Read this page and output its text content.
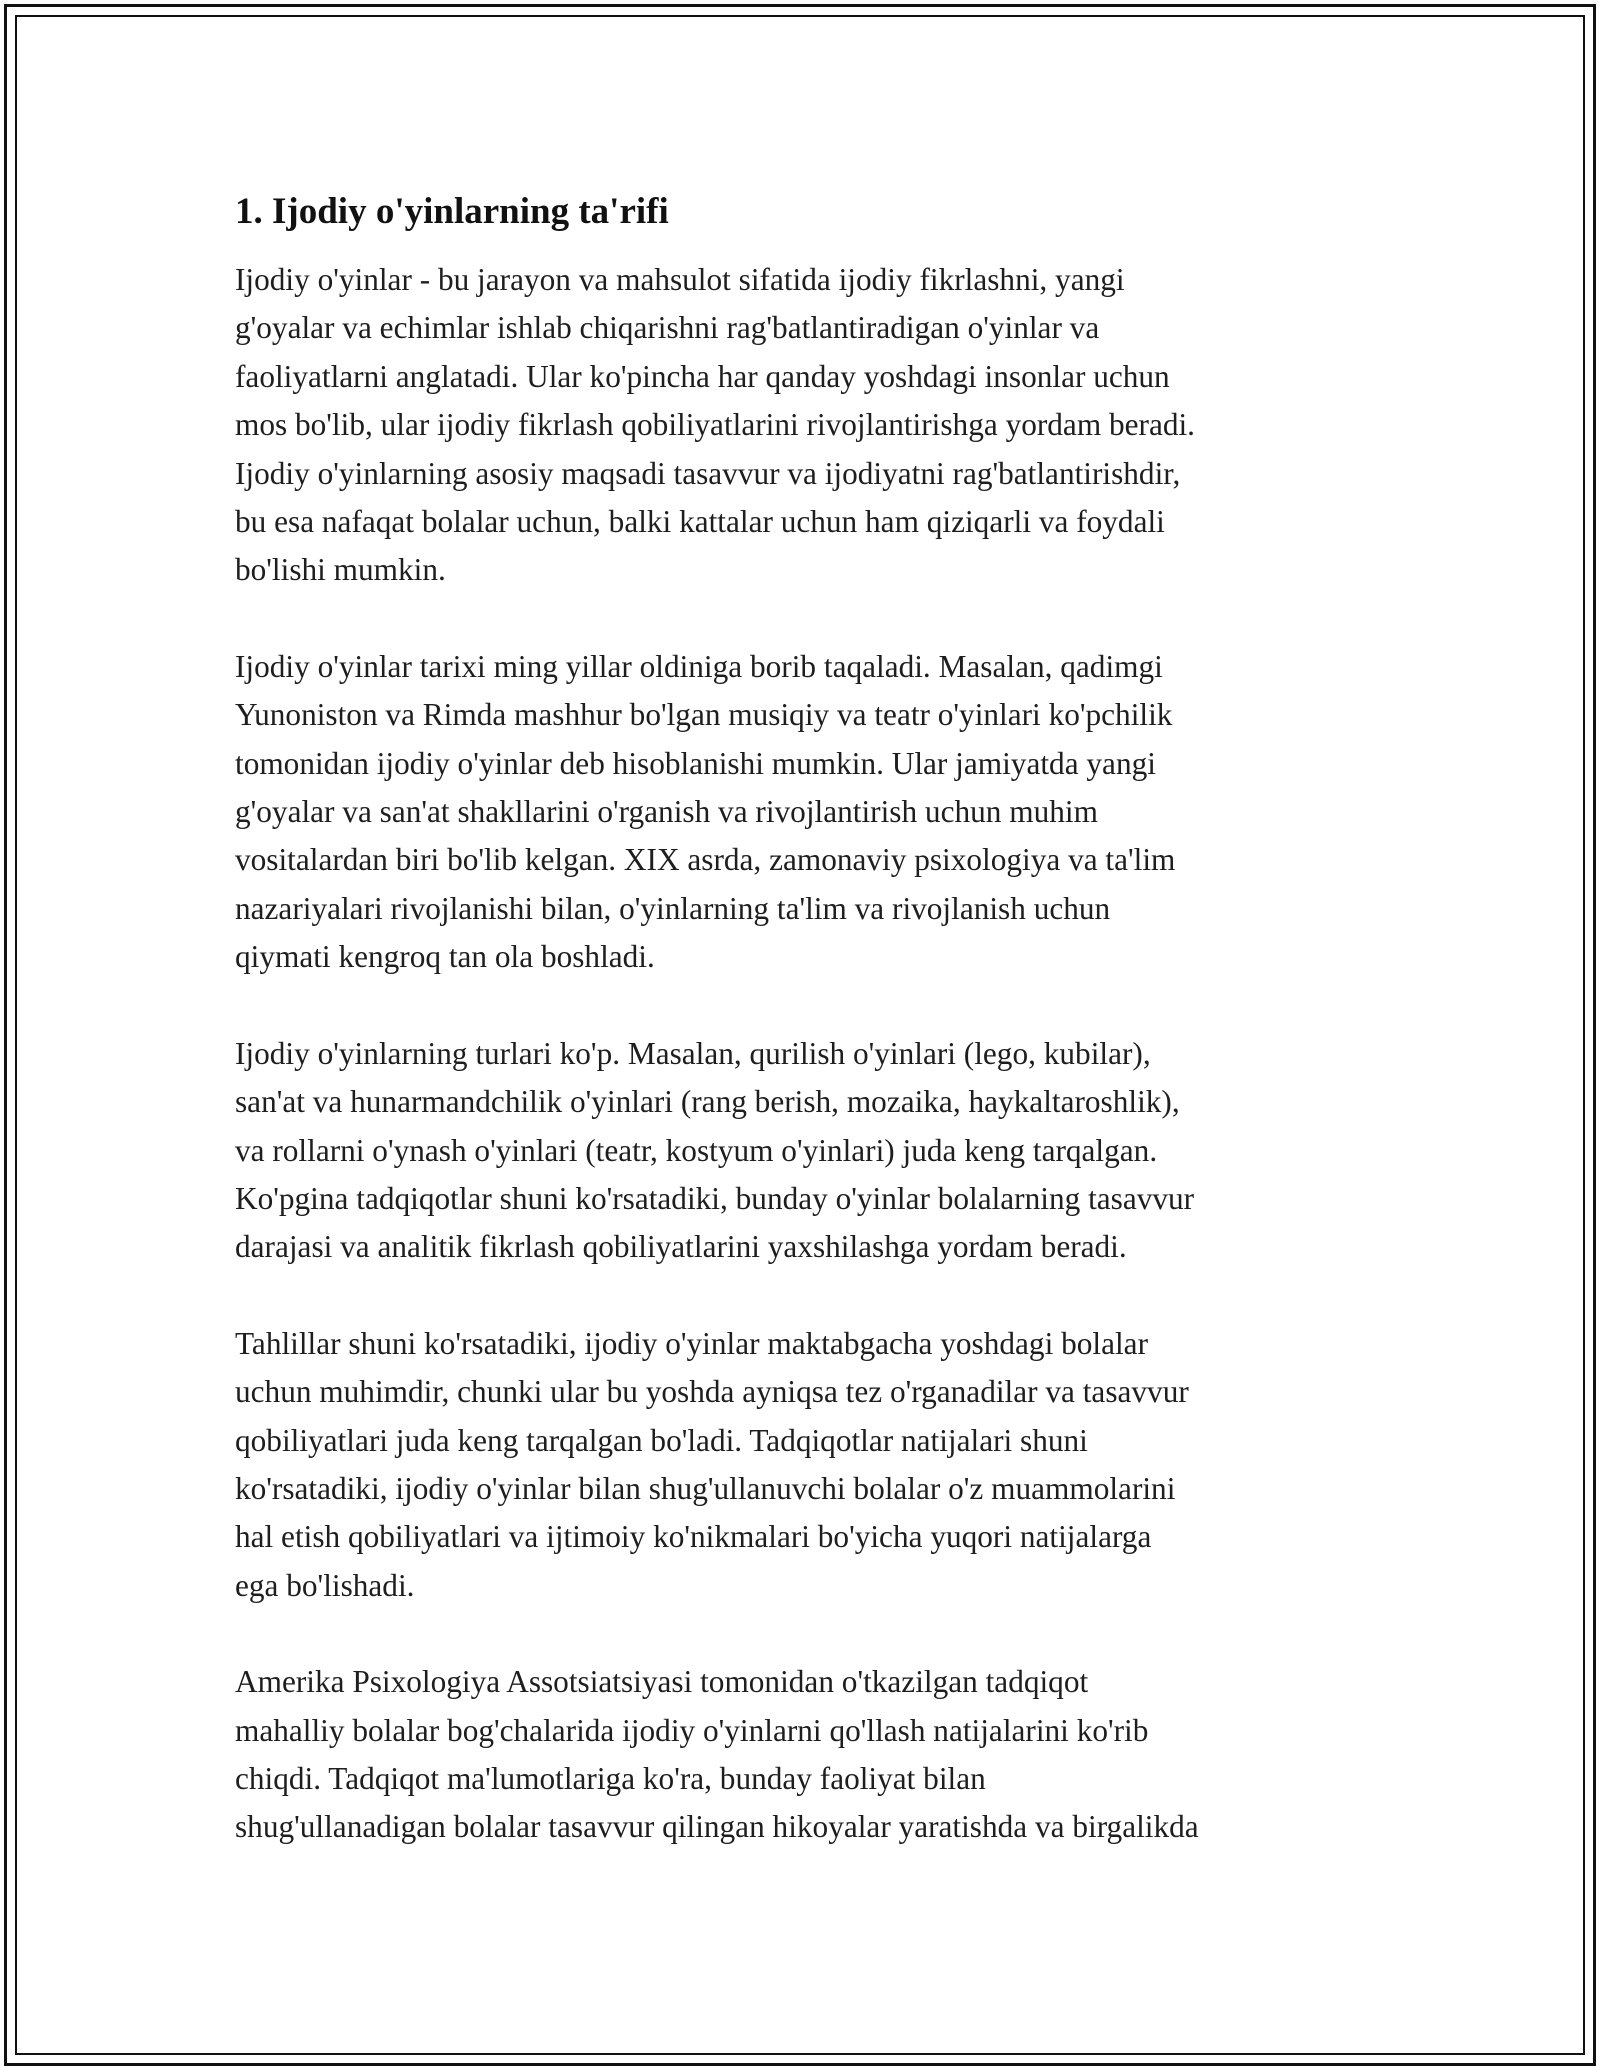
1. Ijodiy o'yinlarning ta'rifi

Ijodiy o'yinlar - bu jarayon va mahsulot sifatida ijodiy fikrlashni, yangi
g'oyalar va echimlar ishlab chiqarishni rag'batlantiradigan o'yinlar va
faoliyatlarni anglatadi. Ular ko'pincha har qanday yoshdagi insonlar uchun
mos bo'lib, ular ijodiy fikrlash qobiliyatlarini rivojlantirishga yordam beradi.
Ijodiy o'yinlarning asosiy maqsadi tasavvur va ijodiyatni rag'batlantirishdir,
bu esa nafaqat bolalar uchun, balki kattalar uchun ham qiziqarli va foydali
bo'lishi mumkin.

Ijodiy o'yinlar tarixi ming yillar oldiniga borib taqaladi. Masalan, qadimgi
Yunoniston va Rimda mashhur bo'lgan musiqiy va teatr o'yinlari ko'pchilik
tomonidan ijodiy o'yinlar deb hisoblanishi mumkin. Ular jamiyatda yangi
g'oyalar va san'at shakllarini o'rganish va rivojlantirish uchun muhim
vositalardan biri bo'lib kelgan. XIX asrda, zamonaviy psixologiya va ta'lim
nazariyalari rivojlanishi bilan, o'yinlarning ta'lim va rivojlanish uchun
qiymati kengroq tan ola boshladi.

Ijodiy o'yinlarning turlari ko'p. Masalan, qurilish o'yinlari (lego, kubilar),
san'at va hunarmandchilik o'yinlari (rang berish, mozaika, haykaltaroshlik),
va rollarni o'ynash o'yinlari (teatr, kostyum o'yinlari) juda keng tarqalgan.
Ko'pgina tadqiqotlar shuni ko'rsatadiki, bunday o'yinlar bolalarning tasavvur
darajasi va analitik fikrlash qobiliyatlarini yaxshilashga yordam beradi.

Tahlillar shuni ko'rsatadiki, ijodiy o'yinlar maktabgacha yoshdagi bolalar
uchun muhimdir, chunki ular bu yoshda ayniqsa tez o'rganadilar va tasavvur
qobiliyatlari juda keng tarqalgan bo'ladi. Tadqiqotlar natijalari shuni
ko'rsatadiki, ijodiy o'yinlar bilan shug'ullanuvchi bolalar o'z muammolarini
hal etish qobiliyatlari va ijtimoiy ko'nikmalari bo'yicha yuqori natijalarga
ega bo'lishadi.

Amerika Psixologiya Assotsiatsiyasi tomonidan o'tkazilgan tadqiqot
mahalliy bolalar bog'chalarida ijodiy o'yinlarni qo'llash natijalarini ko'rib
chiqdi. Tadqiqot ma'lumotlariga ko'ra, bunday faoliyat bilan
shug'ullanadigan bolalar tasavvur qilingan hikoyalar yaratishda va birgalikda
